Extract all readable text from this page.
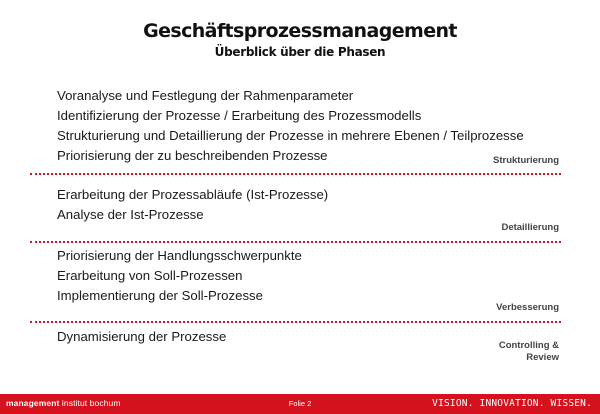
Geschäftsprozessmanagement
Überblick über die Phasen
Voranalyse und Festlegung der Rahmenparameter
Identifizierung der Prozesse / Erarbeitung des Prozessmodells
Strukturierung und Detaillierung der Prozesse in mehrere Ebenen / Teilprozesse
Priorisierung der zu beschreibenden Prozesse	Strukturierung
Erarbeitung der Prozessabläufe (Ist-Prozesse)
Analyse der Ist-Prozesse
Detaillierung
Priorisierung der Handlungsschwerpunkte
Erarbeitung von Soll-Prozessen
Implementierung der Soll-Prozesse
Verbesserung
Dynamisierung der Prozesse
Controlling &
Review
management institut bochum	Folie 2	VISION. INNOVATION. WISSEN.
